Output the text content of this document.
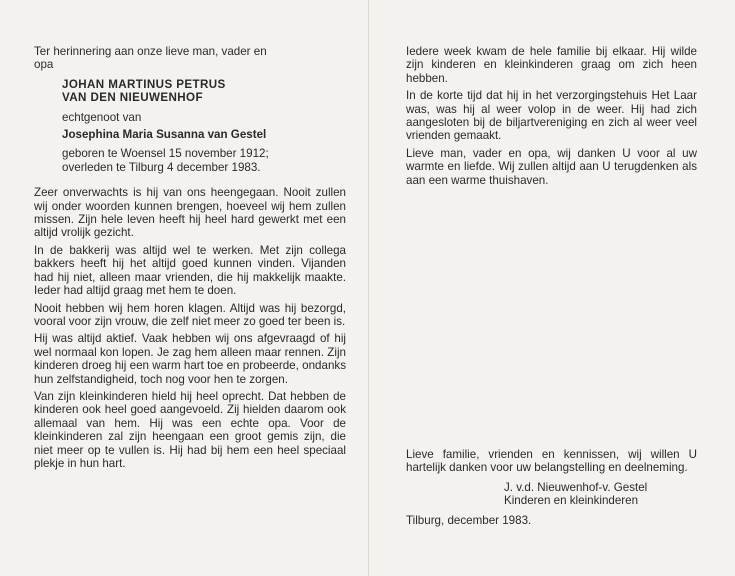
Ter herinnering aan onze lieve man, vader en

opa

JOHAN MARTINUS PETRUS

VAN DEN NIEUWENHOF

echtgenoot van

Josephina Maria Susanna van Gestel

geboren te Woensel 15 november 1912;

overleden te Tilburg 4 december 1983.

Zeer onverwachts is hij van ons heengegaan. Nooit zullen wij onder woorden kunnen brengen, hoeveel wij hem zullen missen. Zijn hele leven heeft hij heel hard gewerkt met een altijd vrolijk gezicht.

In de bakkerij was altijd wel te werken. Met zijn collega bakkers heeft hij het altijd goed kunnen vinden. Vijanden had hij niet, alleen maar vrienden, die hij makkelijk maakte. Ieder had altijd graag met hem te doen.

Nooit hebben wij hem horen klagen. Altijd was hij bezorgd, vooral voor zijn vrouw, die zelf niet meer zo goed ter been is.

Hij was altijd aktief. Vaak hebben wij ons afgevraagd of hij wel normaal kon lopen. Je zag hem alleen maar rennen. Zijn kinderen droeg hij een warm hart toe en probeerde, ondanks hun zelfstandigheid, toch nog voor hen te zorgen.

Van zijn kleinkinderen hield hij heel oprecht. Dat hebben de kinderen ook heel goed aangevoeld. Zij hielden daarom ook allemaal van hem. Hij was een echte opa. Voor de kleinkinderen zal zijn heengaan een groot gemis zijn, die niet meer op te vullen is. Hij had bij hem een heel speciaal plekje in hun hart.

Iedere week kwam de hele familie bij elkaar. Hij wilde zijn kinderen en kleinkinderen graag om zich heen hebben.

In de korte tijd dat hij in het verzorgingstehuis Het Laar was, was hij al weer volop in de weer. Hij had zich aangesloten bij de biljartvereniging en zich al weer veel vrienden gemaakt.

Lieve man, vader en opa, wij danken U voor al uw warmte en liefde. Wij zullen altijd aan U terugdenken als aan een warme thuishaven.

Lieve familie, vrienden en kennissen, wij willen U hartelijk danken voor uw belangstelling en deelneming.

J. v.d. Nieuwenhof-v. Gestel

Kinderen en kleinkinderen

Tilburg, december 1983.
